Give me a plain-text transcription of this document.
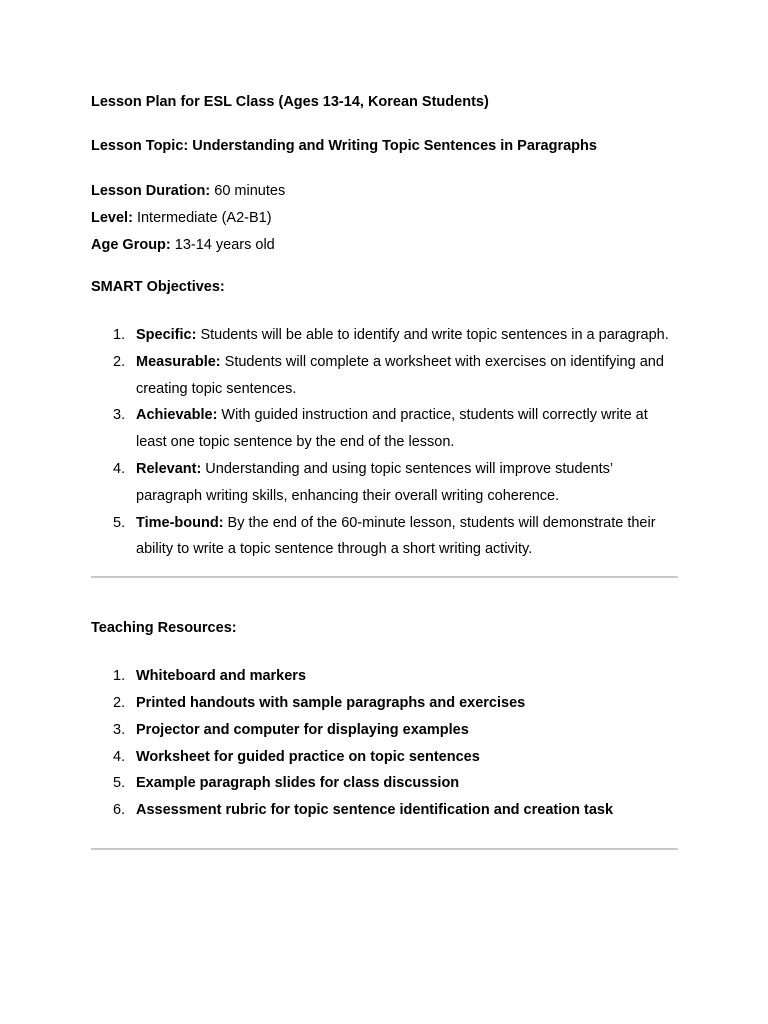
Lesson Plan for ESL Class (Ages 13-14, Korean Students)

Lesson Topic: Understanding and Writing Topic Sentences in Paragraphs

Lesson Duration: 60 minutes

Level: Intermediate (A2-B1)

Age Group: 13-14 years old

SMART Objectives:

1. Specific: Students will be able to identify and write topic sentences in a paragraph.
2. Measurable: Students will complete a worksheet with exercises on identifying and creating topic sentences.
3. Achievable: With guided instruction and practice, students will correctly write at least one topic sentence by the end of the lesson.
4. Relevant: Understanding and using topic sentences will improve students’ paragraph writing skills, enhancing their overall writing coherence.
5. Time-bound: By the end of the 60-minute lesson, students will demonstrate their ability to write a topic sentence through a short writing activity.

Teaching Resources:

1. Whiteboard and markers
2. Printed handouts with sample paragraphs and exercises
3. Projector and computer for displaying examples
4. Worksheet for guided practice on topic sentences
5. Example paragraph slides for class discussion
6. Assessment rubric for topic sentence identification and creation task
